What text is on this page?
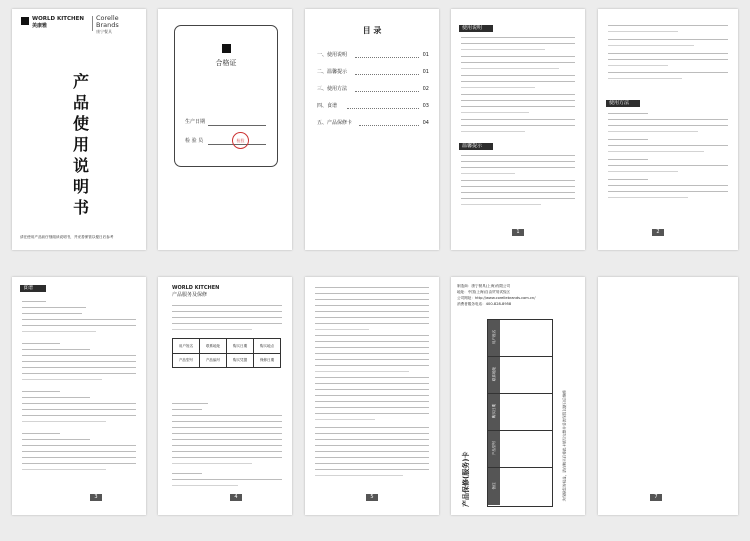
WORLD KITCHEN
美康雅
Corelle
Brands
康宁餐具
产
品
使
用
说
明
书
请在使用产品前仔细阅读说明书，并妥善保管以便日后参考
合格证
生产日期
检 验 员	检验
目 录
一、使用说明	01
二、温馨提示	01
三、使用方法	02
四、食谱	03
五、产品保修卡	04
使用说明
温馨提示
1
使用方法
2
食谱
3
WORLD KITCHEN
产品服务及保修
用户姓名	联系地址	购买日期	购买地点
产品型号	产品编号	购买凭据	保修日期
4	5
制造商：康宁餐具(上海)有限公司
地址：中国(上海)自由贸易试验区
公司网址：http://www.corellebrands.com.cn/
消费者服务电话：400-828-8958
产品保修(服务)卡
用户姓名
联系地址
购买日期
产品型号
备注	为保障您的权益，请在购买后将此卡填写完整并妥善保管以便日后维修	7
